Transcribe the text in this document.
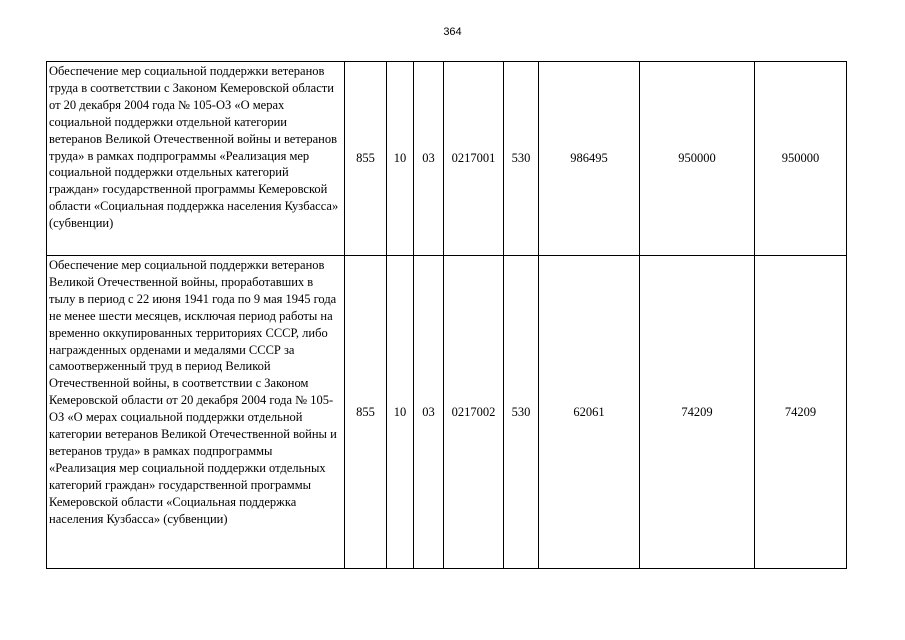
364
Обеспечение мер социальной поддержки ветеранов труда в соответствии с Законом Кемеровской области от 20 декабря 2004 года № 105-ОЗ «О мерах социальной поддержки отдельной категории ветеранов Великой Отечественной войны и ветеранов труда» в рамках подпрограммы «Реализация мер социальной поддержки отдельных категорий граждан» государственной программы Кемеровской области «Социальная поддержка населения Кузбасса» (субвенции)	855	10	03	0217001	530	986495	950000	950000
Обеспечение мер социальной поддержки ветеранов Великой Отечественной войны, проработавших в тылу в период с 22 июня 1941 года по 9 мая 1945 года не менее шести месяцев, исключая период работы на временно оккупированных территориях СССР, либо награжденных орденами и медалями СССР за самоотверженный труд в период Великой Отечественной войны, в соответствии с Законом Кемеровской области от 20 декабря 2004 года № 105-ОЗ «О мерах социальной поддержки отдельной категории ветеранов Великой Отечественной войны и ветеранов труда» в рамках подпрограммы «Реализация мер социальной поддержки отдельных категорий граждан» государственной программы Кемеровской области «Социальная поддержка населения Кузбасса» (субвенции)	855	10	03	0217002	530	62061	74209	74209
